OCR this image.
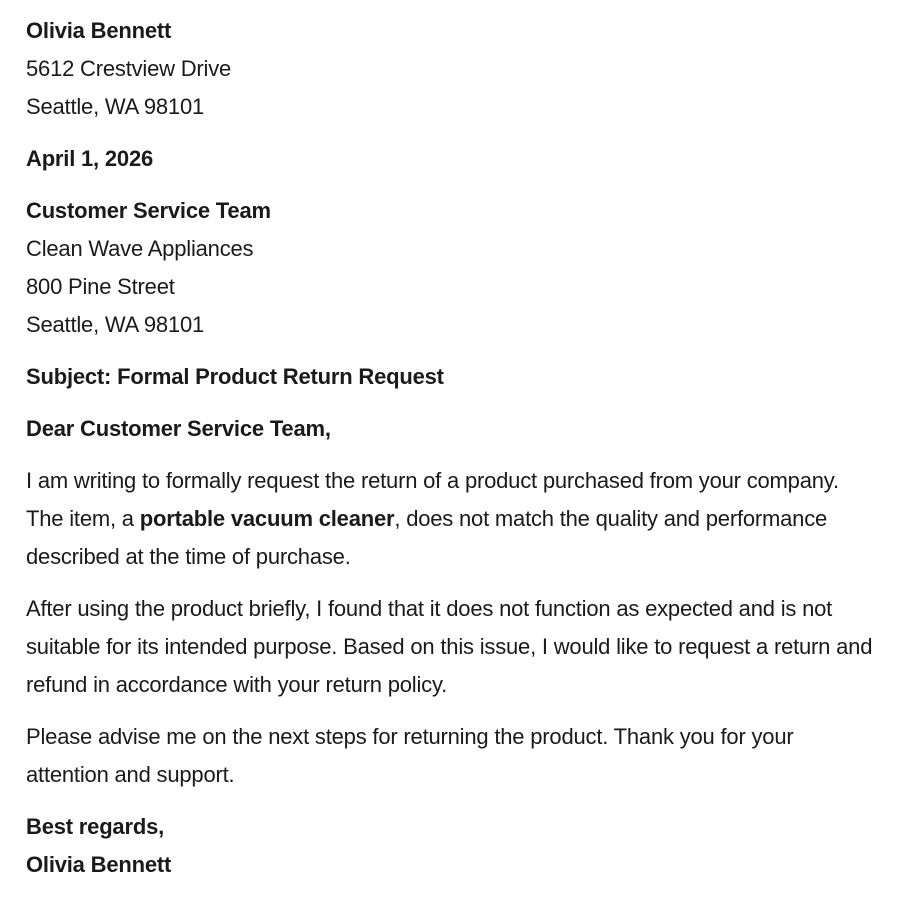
Olivia Bennett
5612 Crestview Drive
Seattle, WA 98101

April 1, 2026

Customer Service Team
Clean Wave Appliances
800 Pine Street
Seattle, WA 98101

Subject: Formal Product Return Request

Dear Customer Service Team,

I am writing to formally request the return of a product purchased from your company. The item, a portable vacuum cleaner, does not match the quality and performance described at the time of purchase.

After using the product briefly, I found that it does not function as expected and is not suitable for its intended purpose. Based on this issue, I would like to request a return and refund in accordance with your return policy.

Please advise me on the next steps for returning the product. Thank you for your attention and support.

Best regards,
Olivia Bennett
